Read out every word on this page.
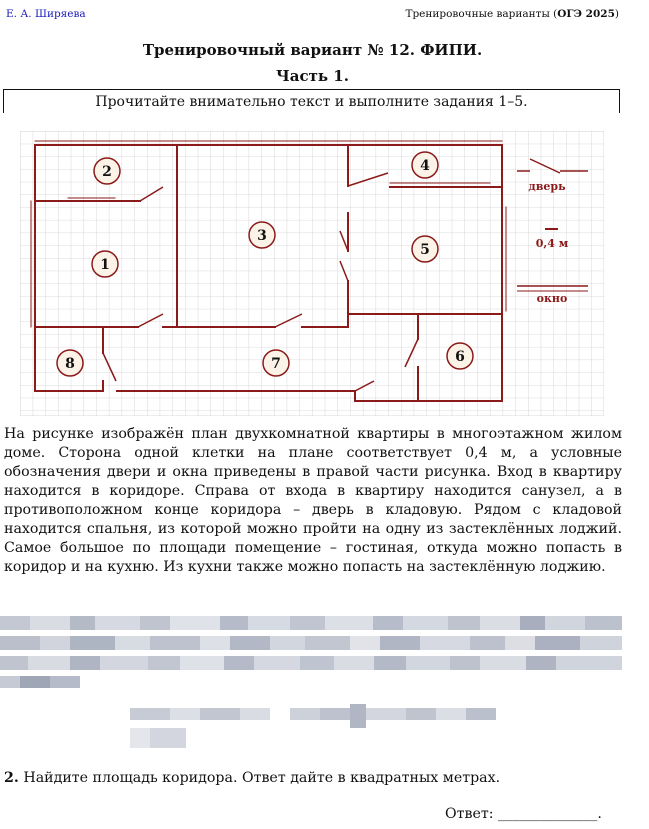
Е. А. Ширяева	Тренировочные варианты (ОГЭ 2025)
Тренировочный вариант № 12. ФИПИ.
Часть 1.
Прочитайте внимательно текст и выполните задания 1–5.
2
1
3
4
5
6
7
8
дверь
0,4 м
окно

На рисунке изображён план двухкомнатной квартиры в многоэтажном жилом доме. Сторона одной клетки на плане соответствует 0,4 м, а условные обозначения двери и окна приведены в правой части рисунка. Вход в квартиру находится в коридоре. Справа от входа в квартиру находится санузел, а в противоположном конце коридора – дверь в кладовую. Рядом с кладовой находится спальня, из которой можно пройти на одну из застеклённых лоджий. Самое большое по площади помещение – гостиная, откуда можно попасть в коридор и на кухню. Из кухни также можно попасть на застеклённую лоджию.

2. Найдите площадь коридора. Ответ дайте в квадратных метрах.
Ответ: ______________.
